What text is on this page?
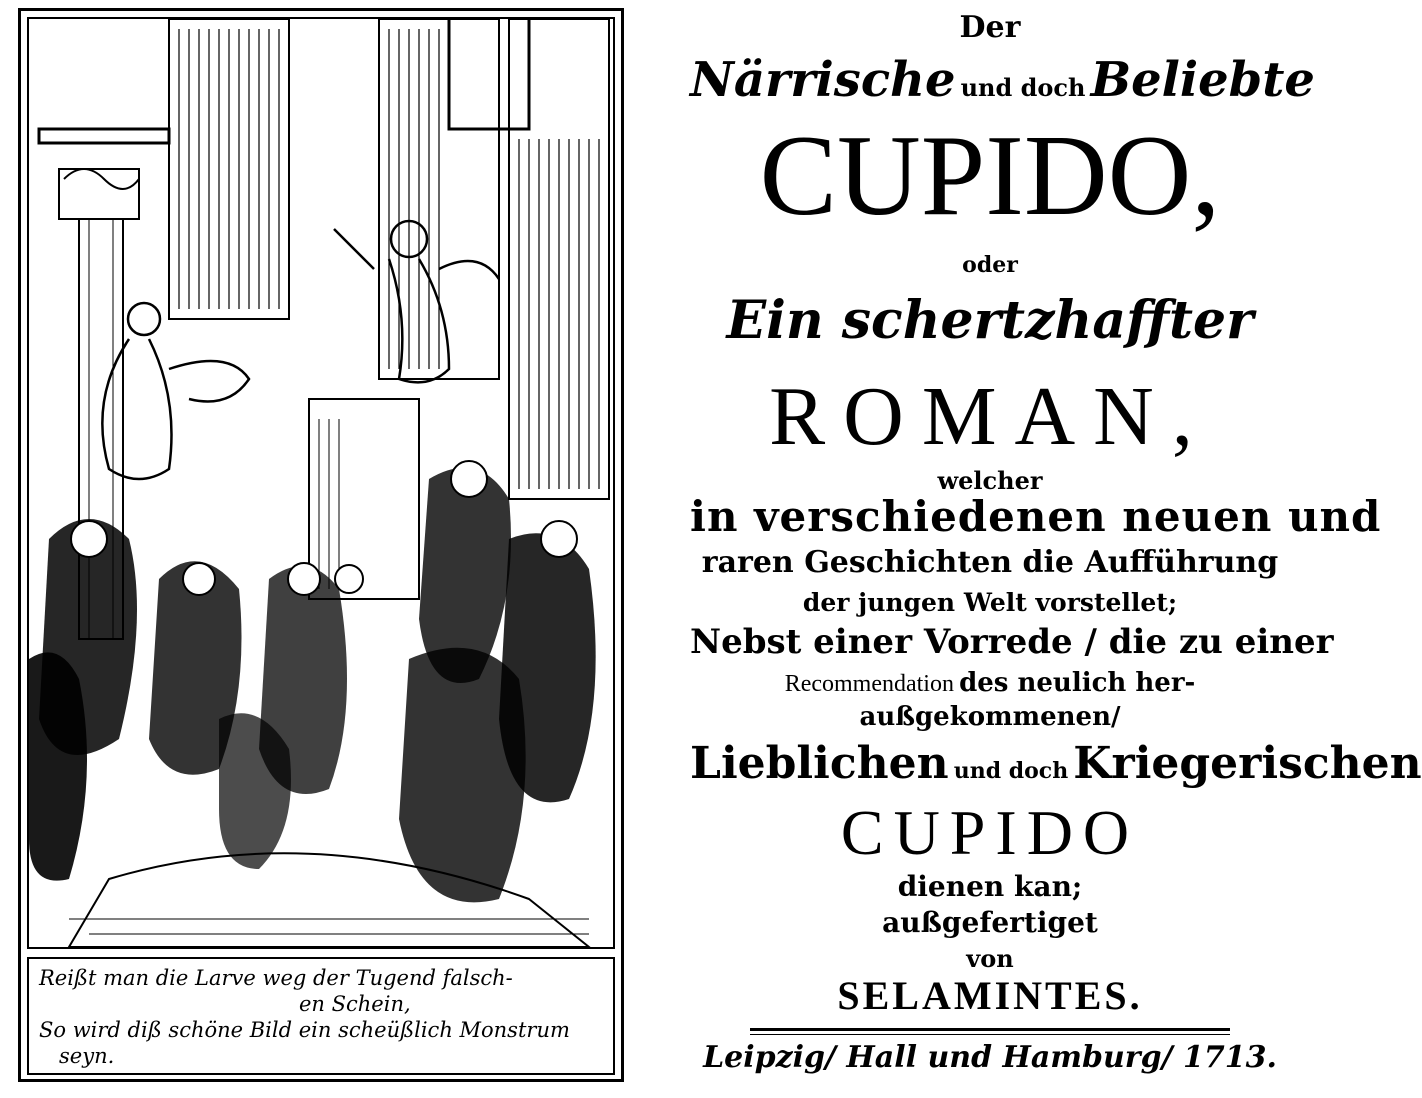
Reißt man die Larve weg der Tugend falsch-
en Schein,
So wird diß schöne Bild ein scheüßlich Monstrum
seyn.
Der
Närrische und doch Beliebte
CUPIDO,
oder
Ein schertzhaffter
ROMAN,
welcher
in verschiedenen neuen und
raren Geschichten die Aufführung
der jungen Welt vorstellet;
Nebst einer Vorrede / die zu einer
Recommendation des neulich her-
außgekommenen/
Lieblichen und doch Kriegerischen
CUPIDO
dienen kan;
außgefertiget
von
SELAMINTES.
Leipzig/ Hall und Hamburg/ 1713.
